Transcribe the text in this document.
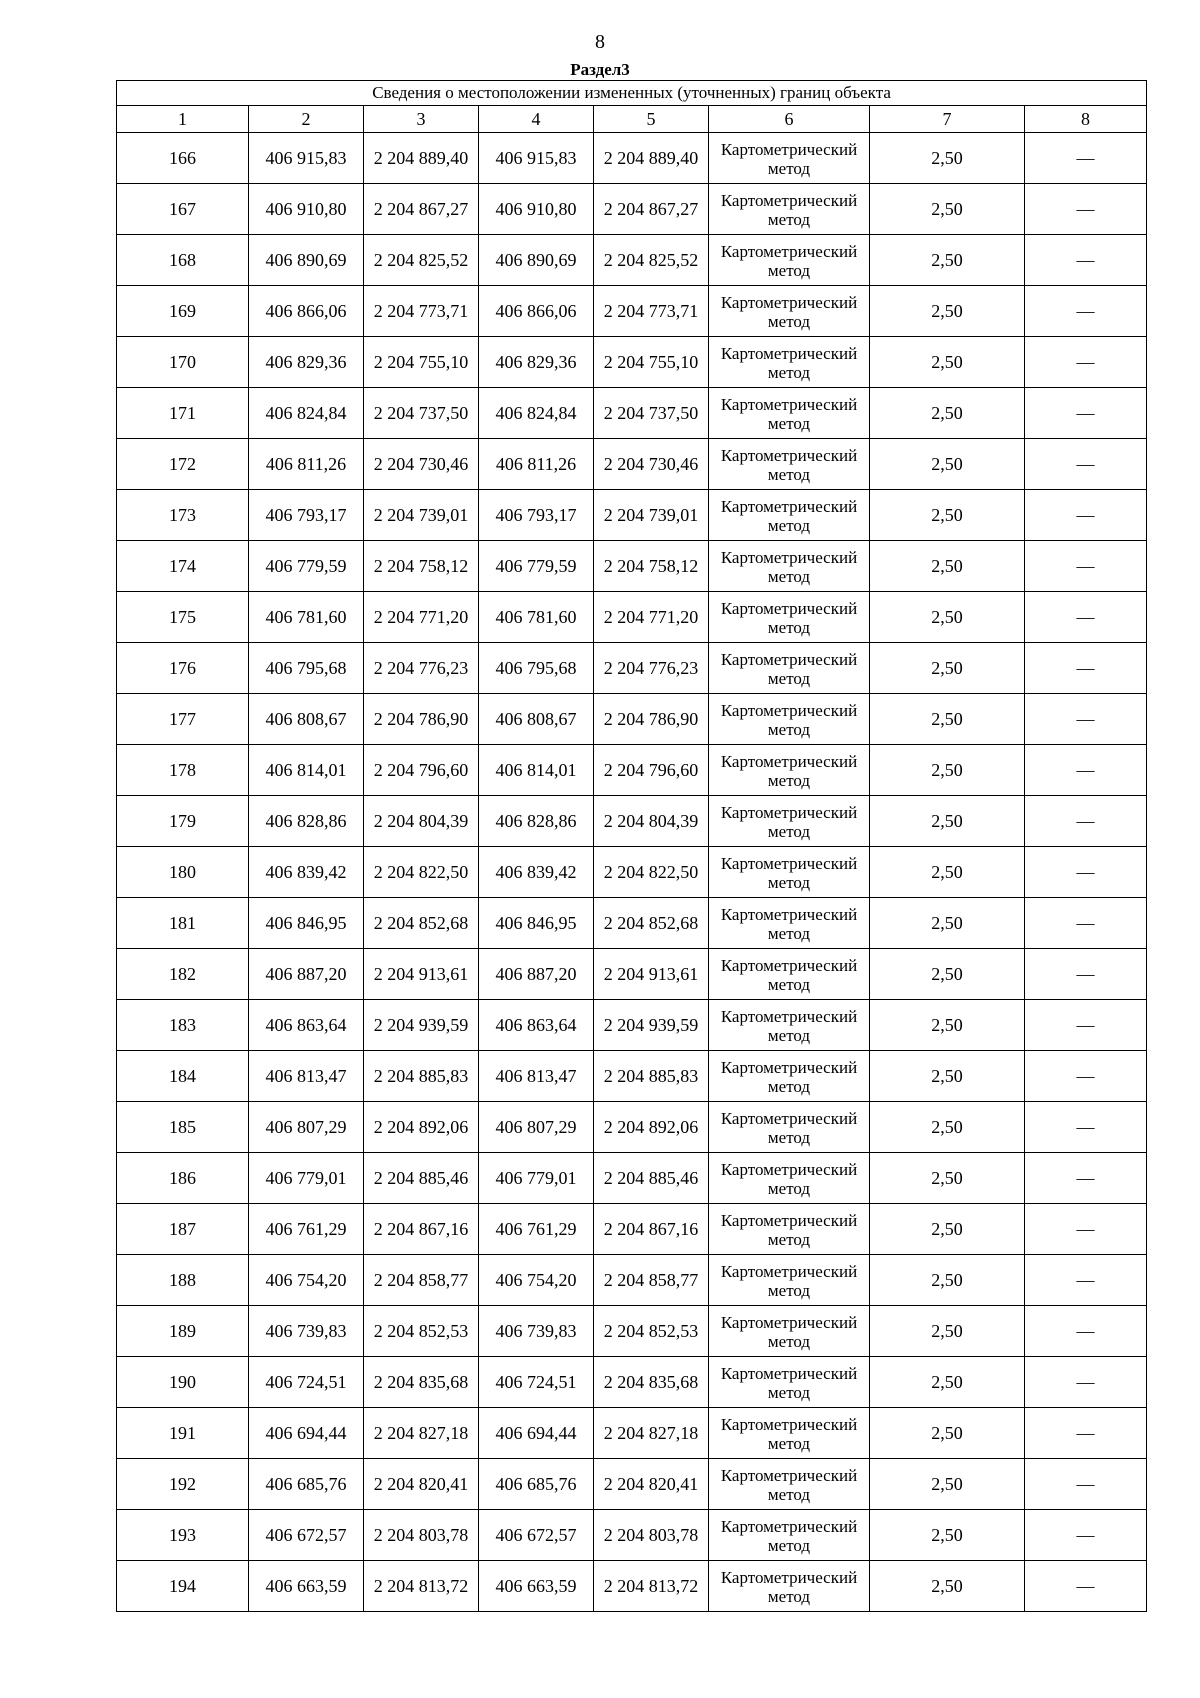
8
Раздел3
Сведения о местоположении измененных (уточненных) границ объекта							
1	2	3	4	5	6	7	8
166	406 915,83	2 204 889,40	406 915,83	2 204 889,40	Картометрический метод	2,50	—
167	406 910,80	2 204 867,27	406 910,80	2 204 867,27	Картометрический метод	2,50	—
168	406 890,69	2 204 825,52	406 890,69	2 204 825,52	Картометрический метод	2,50	—
169	406 866,06	2 204 773,71	406 866,06	2 204 773,71	Картометрический метод	2,50	—
170	406 829,36	2 204 755,10	406 829,36	2 204 755,10	Картометрический метод	2,50	—
171	406 824,84	2 204 737,50	406 824,84	2 204 737,50	Картометрический метод	2,50	—
172	406 811,26	2 204 730,46	406 811,26	2 204 730,46	Картометрический метод	2,50	—
173	406 793,17	2 204 739,01	406 793,17	2 204 739,01	Картометрический метод	2,50	—
174	406 779,59	2 204 758,12	406 779,59	2 204 758,12	Картометрический метод	2,50	—
175	406 781,60	2 204 771,20	406 781,60	2 204 771,20	Картометрический метод	2,50	—
176	406 795,68	2 204 776,23	406 795,68	2 204 776,23	Картометрический метод	2,50	—
177	406 808,67	2 204 786,90	406 808,67	2 204 786,90	Картометрический метод	2,50	—
178	406 814,01	2 204 796,60	406 814,01	2 204 796,60	Картометрический метод	2,50	—
179	406 828,86	2 204 804,39	406 828,86	2 204 804,39	Картометрический метод	2,50	—
180	406 839,42	2 204 822,50	406 839,42	2 204 822,50	Картометрический метод	2,50	—
181	406 846,95	2 204 852,68	406 846,95	2 204 852,68	Картометрический метод	2,50	—
182	406 887,20	2 204 913,61	406 887,20	2 204 913,61	Картометрический метод	2,50	—
183	406 863,64	2 204 939,59	406 863,64	2 204 939,59	Картометрический метод	2,50	—
184	406 813,47	2 204 885,83	406 813,47	2 204 885,83	Картометрический метод	2,50	—
185	406 807,29	2 204 892,06	406 807,29	2 204 892,06	Картометрический метод	2,50	—
186	406 779,01	2 204 885,46	406 779,01	2 204 885,46	Картометрический метод	2,50	—
187	406 761,29	2 204 867,16	406 761,29	2 204 867,16	Картометрический метод	2,50	—
188	406 754,20	2 204 858,77	406 754,20	2 204 858,77	Картометрический метод	2,50	—
189	406 739,83	2 204 852,53	406 739,83	2 204 852,53	Картометрический метод	2,50	—
190	406 724,51	2 204 835,68	406 724,51	2 204 835,68	Картометрический метод	2,50	—
191	406 694,44	2 204 827,18	406 694,44	2 204 827,18	Картометрический метод	2,50	—
192	406 685,76	2 204 820,41	406 685,76	2 204 820,41	Картометрический метод	2,50	—
193	406 672,57	2 204 803,78	406 672,57	2 204 803,78	Картометрический метод	2,50	—
194	406 663,59	2 204 813,72	406 663,59	2 204 813,72	Картометрический метод	2,50	—
